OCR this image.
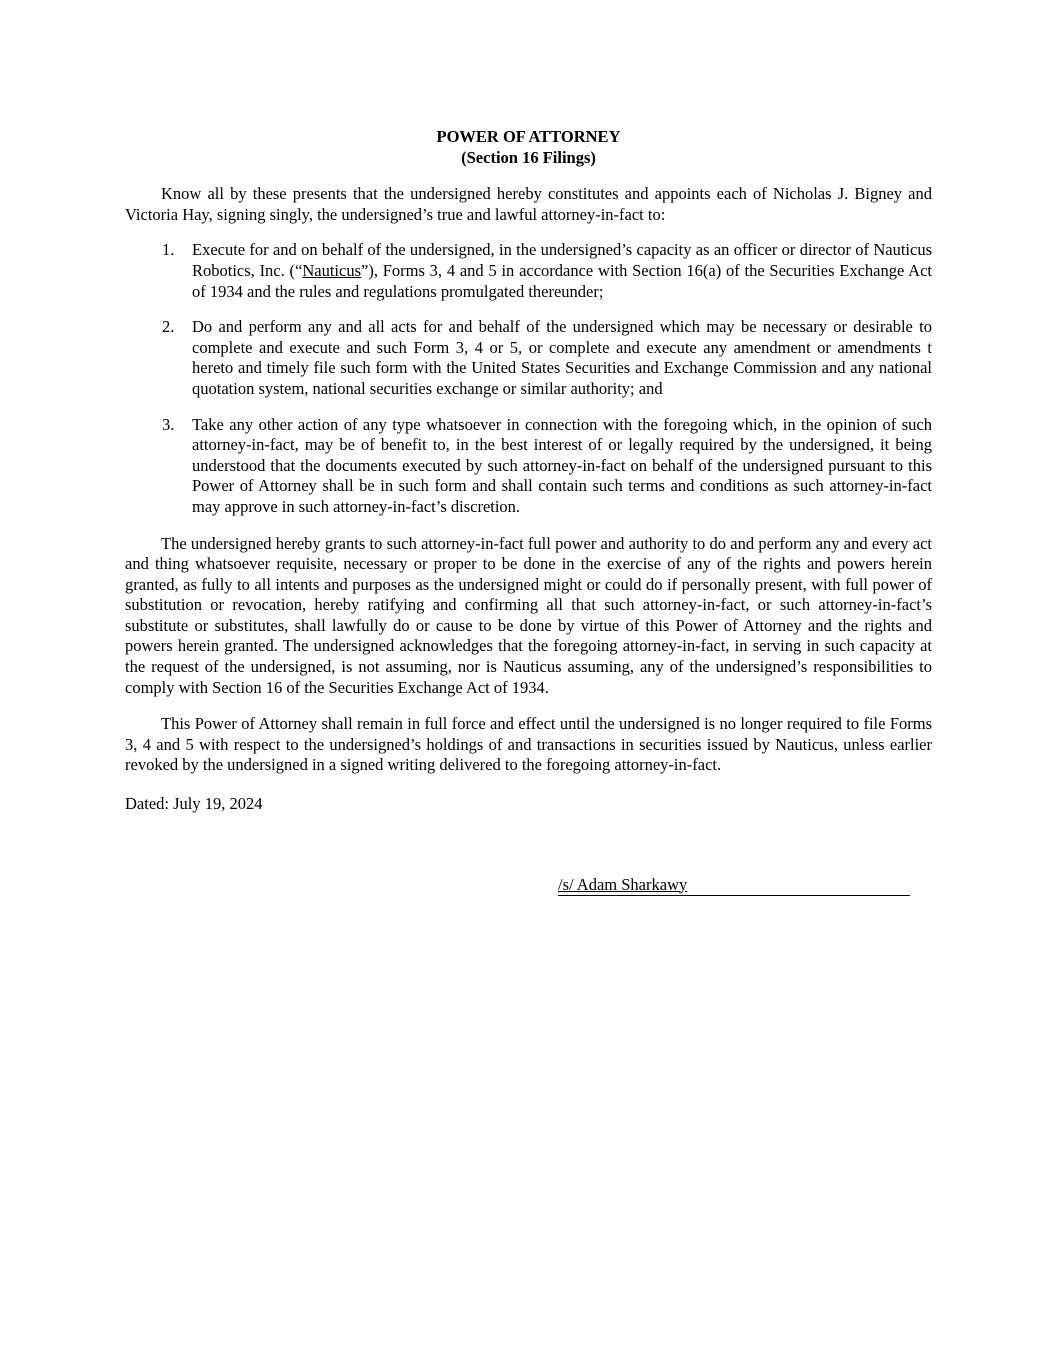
POWER OF ATTORNEY
(Section 16 Filings)

Know all by these presents that the undersigned hereby constitutes and appoints each of Nicholas J. Bigney and Victoria Hay, signing singly, the undersigned’s true and lawful attorney-in-fact to:

1. Execute for and on behalf of the undersigned, in the undersigned’s capacity as an officer or director of Nauticus Robotics, Inc. (“Nauticus”), Forms 3, 4 and 5 in accordance with Section 16(a) of the Securities Exchange Act of 1934 and the rules and regulations promulgated thereunder;
2. Do and perform any and all acts for and behalf of the undersigned which may be necessary or desirable to complete and execute and such Form 3, 4 or 5, or complete and execute any amendment or amendments t hereto and timely file such form with the United States Securities and Exchange Commission and any national quotation system, national securities exchange or similar authority; and
3. Take any other action of any type whatsoever in connection with the foregoing which, in the opinion of such attorney-in-fact, may be of benefit to, in the best interest of or legally required by the undersigned, it being understood that the documents executed by such attorney-in-fact on behalf of the undersigned pursuant to this Power of Attorney shall be in such form and shall contain such terms and conditions as such attorney-in-fact may approve in such attorney-in-fact’s discretion.

The undersigned hereby grants to such attorney-in-fact full power and authority to do and perform any and every act and thing whatsoever requisite, necessary or proper to be done in the exercise of any of the rights and powers herein granted, as fully to all intents and purposes as the undersigned might or could do if personally present, with full power of substitution or revocation, hereby ratifying and confirming all that such attorney-in-fact, or such attorney-in-fact’s substitute or substitutes, shall lawfully do or cause to be done by virtue of this Power of Attorney and the rights and powers herein granted. The undersigned acknowledges that the foregoing attorney-in-fact, in serving in such capacity at the request of the undersigned, is not assuming, nor is Nauticus assuming, any of the undersigned’s responsibilities to comply with Section 16 of the Securities Exchange Act of 1934.

This Power of Attorney shall remain in full force and effect until the undersigned is no longer required to file Forms 3, 4 and 5 with respect to the undersigned’s holdings of and transactions in securities issued by Nauticus, unless earlier revoked by the undersigned in a signed writing delivered to the foregoing attorney-in-fact.

Dated: July 19, 2024

/s/ Adam Sharkawy
